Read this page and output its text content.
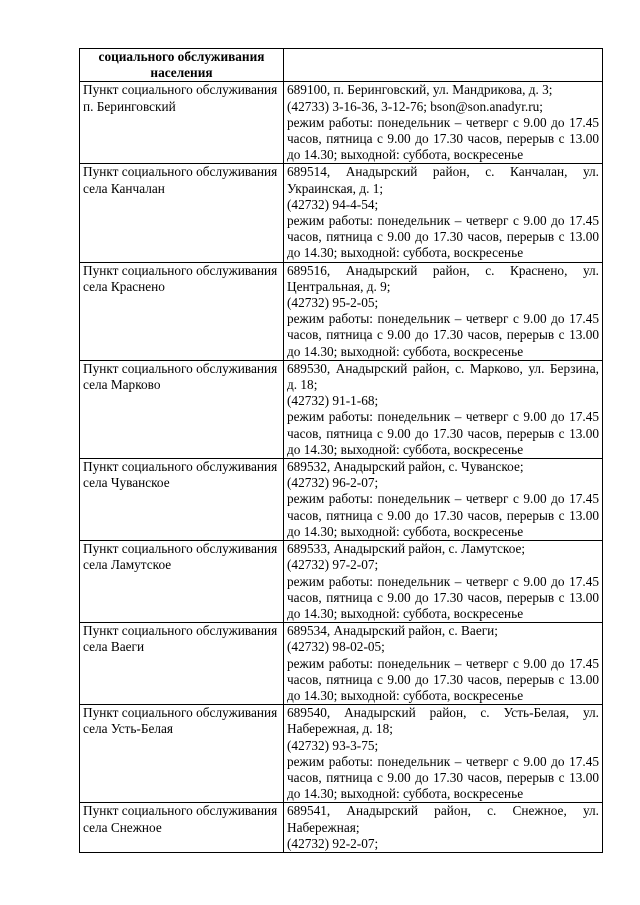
социального обслуживания населения	
Пункт социального обслуживания п. Беринговский	689100, п. Беринговский, ул. Мандрикова, д. 3;
(42733) 3-16-36, 3-12-76; bson@son.anadyr.ru;
режим работы: понедельник – четверг с 9.00 до 17.45 часов, пятница с 9.00 до 17.30 часов, перерыв с 13.00 до 14.30; выходной: суббота, воскресенье

Пункт социального обслуживания села Канчалан	689514, Анадырский район, с. Канчалан, ул. Украинская, д. 1;
(42732) 94-4-54;
режим работы: понедельник – четверг с 9.00 до 17.45 часов, пятница с 9.00 до 17.30 часов, перерыв с 13.00 до 14.30; выходной: суббота, воскресенье

Пункт социального обслуживания села Краснено	689516, Анадырский район, с. Краснено, ул. Центральная, д. 9;
(42732) 95-2-05;
режим работы: понедельник – четверг с 9.00 до 17.45 часов, пятница с 9.00 до 17.30 часов, перерыв с 13.00 до 14.30; выходной: суббота, воскресенье

Пункт социального обслуживания села Марково	689530, Анадырский район, с. Марково, ул. Берзина, д. 18;
(42732) 91-1-68;
режим работы: понедельник – четверг с 9.00 до 17.45 часов, пятница с 9.00 до 17.30 часов, перерыв с 13.00 до 14.30; выходной: суббота, воскресенье

Пункт социального обслуживания села Чуванское	689532, Анадырский район, с. Чуванское;
(42732) 96-2-07;
режим работы: понедельник – четверг с 9.00 до 17.45 часов, пятница с 9.00 до 17.30 часов, перерыв с 13.00 до 14.30; выходной: суббота, воскресенье

Пункт социального обслуживания села Ламутское	689533, Анадырский район, с. Ламутское;
(42732) 97-2-07;
режим работы: понедельник – четверг с 9.00 до 17.45 часов, пятница с 9.00 до 17.30 часов, перерыв с 13.00 до 14.30; выходной: суббота, воскресенье

Пункт социального обслуживания села Ваеги	689534, Анадырский район, с. Ваеги;
(42732) 98-02-05;
режим работы: понедельник – четверг с 9.00 до 17.45 часов, пятница с 9.00 до 17.30 часов, перерыв с 13.00 до 14.30; выходной: суббота, воскресенье

Пункт социального обслуживания села Усть-Белая	689540, Анадырский район, с. Усть-Белая, ул. Набережная, д. 18;
(42732) 93-3-75;
режим работы: понедельник – четверг с 9.00 до 17.45 часов, пятница с 9.00 до 17.30 часов, перерыв с 13.00 до 14.30; выходной: суббота, воскресенье

Пункт социального обслуживания села Снежное	689541, Анадырский район, с. Снежное, ул. Набережная;
(42732) 92-2-07;
